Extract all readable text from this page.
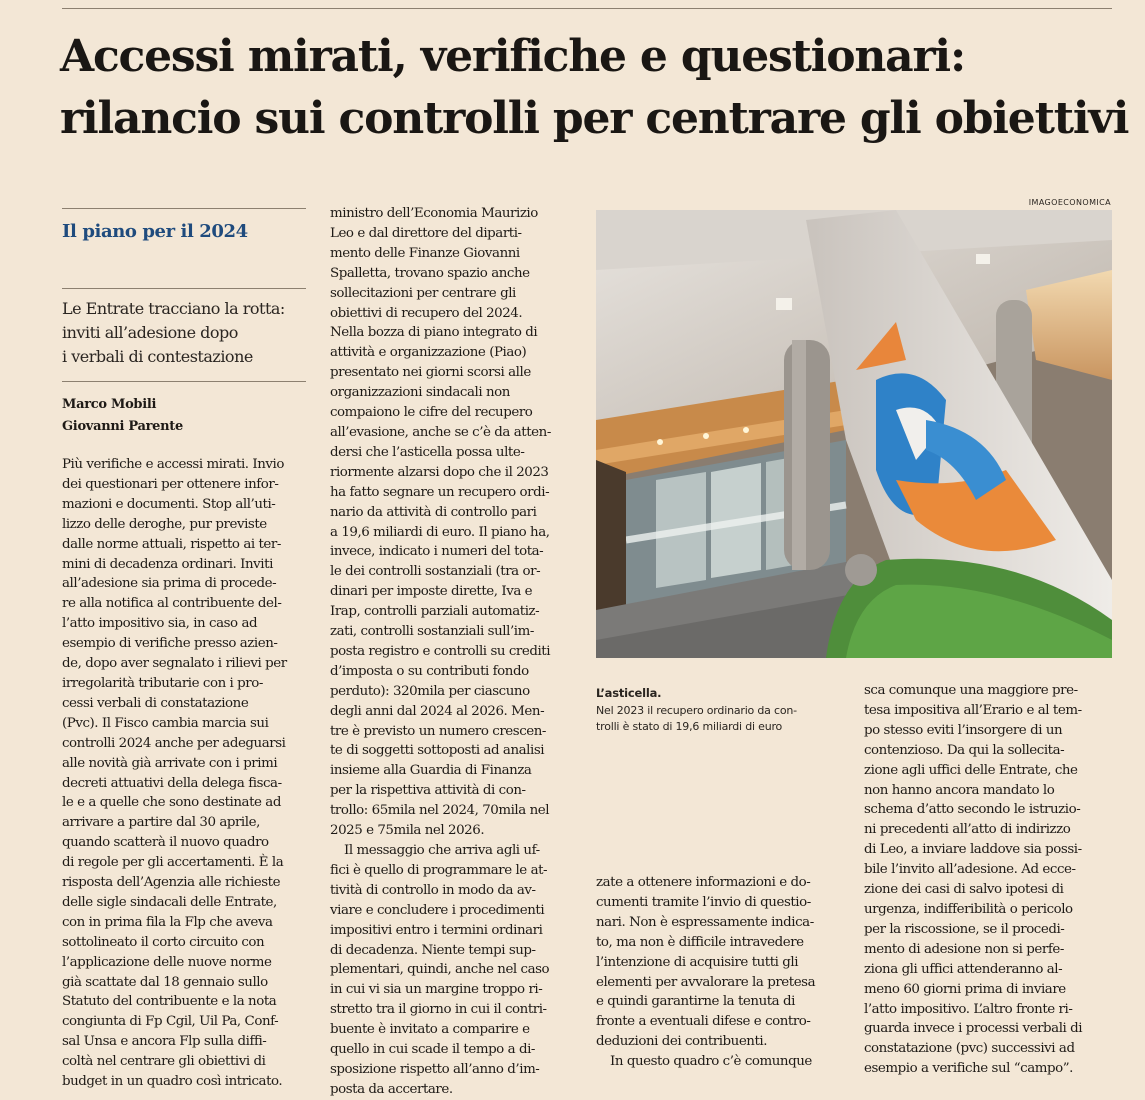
Accessi mirati, verifiche e questionari:
rilancio sui controlli per centrare gli obiettivi
Il piano per il 2024
Le Entrate tracciano la rotta:
inviti all’adesione dopo
i verbali di contestazione
Marco Mobili
Giovanni Parente
IMAGOECONOMICA
L’asticella.
Nel 2023 il recupero ordinario da con-
trolli è stato di 19,6 miliardi di euro
Più verifiche e accessi mirati. Invio
dei questionari per ottenere infor-
mazioni e documenti. Stop all’uti-
lizzo delle deroghe, pur previste
dalle norme attuali, rispetto ai ter-
mini di decadenza ordinari. Inviti
all’adesione sia prima di procede-
re alla notifica al contribuente del-
l’atto impositivo sia, in caso ad
esempio di verifiche presso azien-
de, dopo aver segnalato i rilievi per
irregolarità tributarie con i pro-
cessi verbali di constatazione
(Pvc). Il Fisco cambia marcia sui
controlli 2024 anche per adeguarsi
alle novità già arrivate con i primi
decreti attuativi della delega fisca-
le e a quelle che sono destinate ad
arrivare a partire dal 30 aprile,
quando scatterà il nuovo quadro
di regole per gli accertamenti. È la
risposta dell’Agenzia alle richieste
delle sigle sindacali delle Entrate,
con in prima fila la Flp che aveva
sottolineato il corto circuito con
l’applicazione delle nuove norme
già scattate dal 18 gennaio sullo
Statuto del contribuente e la nota
congiunta di Fp Cgil, Uil Pa, Conf-
sal Unsa e ancora Flp sulla diffi-
coltà nel centrare gli obiettivi di
budget in un quadro così intricato.
ministro dell’Economia Maurizio
Leo e dal direttore del diparti-
mento delle Finanze Giovanni
Spalletta, trovano spazio anche
sollecitazioni per centrare gli
obiettivi di recupero del 2024.
Nella bozza di piano integrato di
attività e organizzazione (Piao)
presentato nei giorni scorsi alle
organizzazioni sindacali non
compaiono le cifre del recupero
all’evasione, anche se c’è da atten-
dersi che l’asticella possa ulte-
riormente alzarsi dopo che il 2023
ha fatto segnare un recupero ordi-
nario da attività di controllo pari
a 19,6 miliardi di euro. Il piano ha,
invece, indicato i numeri del tota-
le dei controlli sostanziali (tra or-
dinari per imposte dirette, Iva e
Irap, controlli parziali automatiz-
zati, controlli sostanziali sull’im-
posta registro e controlli su crediti
d’imposta o su contributi fondo
perduto): 320mila per ciascuno
degli anni dal 2024 al 2026. Men-
tre è previsto un numero crescen-
te di soggetti sottoposti ad analisi
insieme alla Guardia di Finanza
per la rispettiva attività di con-
trollo: 65mila nel 2024, 70mila nel
2025 e 75mila nel 2026.
Il messaggio che arriva agli uf-
fici è quello di programmare le at-
tività di controllo in modo da av-
viare e concludere i procedimenti
impositivi entro i termini ordinari
di decadenza. Niente tempi sup-
plementari, quindi, anche nel caso
in cui vi sia un margine troppo ri-
stretto tra il giorno in cui il contri-
buente è invitato a comparire e
quello in cui scade il tempo a di-
sposizione rispetto all’anno d’im-
posta da accertare.
zate a ottenere informazioni e do-
cumenti tramite l’invio di questio-
nari. Non è espressamente indica-
to, ma non è difficile intravedere
l’intenzione di acquisire tutti gli
elementi per avvalorare la pretesa
e quindi garantirne la tenuta di
fronte a eventuali difese e contro-
deduzioni dei contribuenti.
In questo quadro c’è comunque
sca comunque una maggiore pre-
tesa impositiva all’Erario e al tem-
po stesso eviti l’insorgere di un
contenzioso. Da qui la sollecita-
zione agli uffici delle Entrate, che
non hanno ancora mandato lo
schema d’atto secondo le istruzio-
ni precedenti all’atto di indirizzo
di Leo, a inviare laddove sia possi-
bile l’invito all’adesione. Ad ecce-
zione dei casi di salvo ipotesi di
urgenza, indifferibilità o pericolo
per la riscossione, se il procedi-
mento di adesione non si perfe-
ziona gli uffici attenderanno al-
meno 60 giorni prima di inviare
l’atto impositivo. L’altro fronte ri-
guarda invece i processi verbali di
constatazione (pvc) successivi ad
esempio a verifiche sul “campo”.
